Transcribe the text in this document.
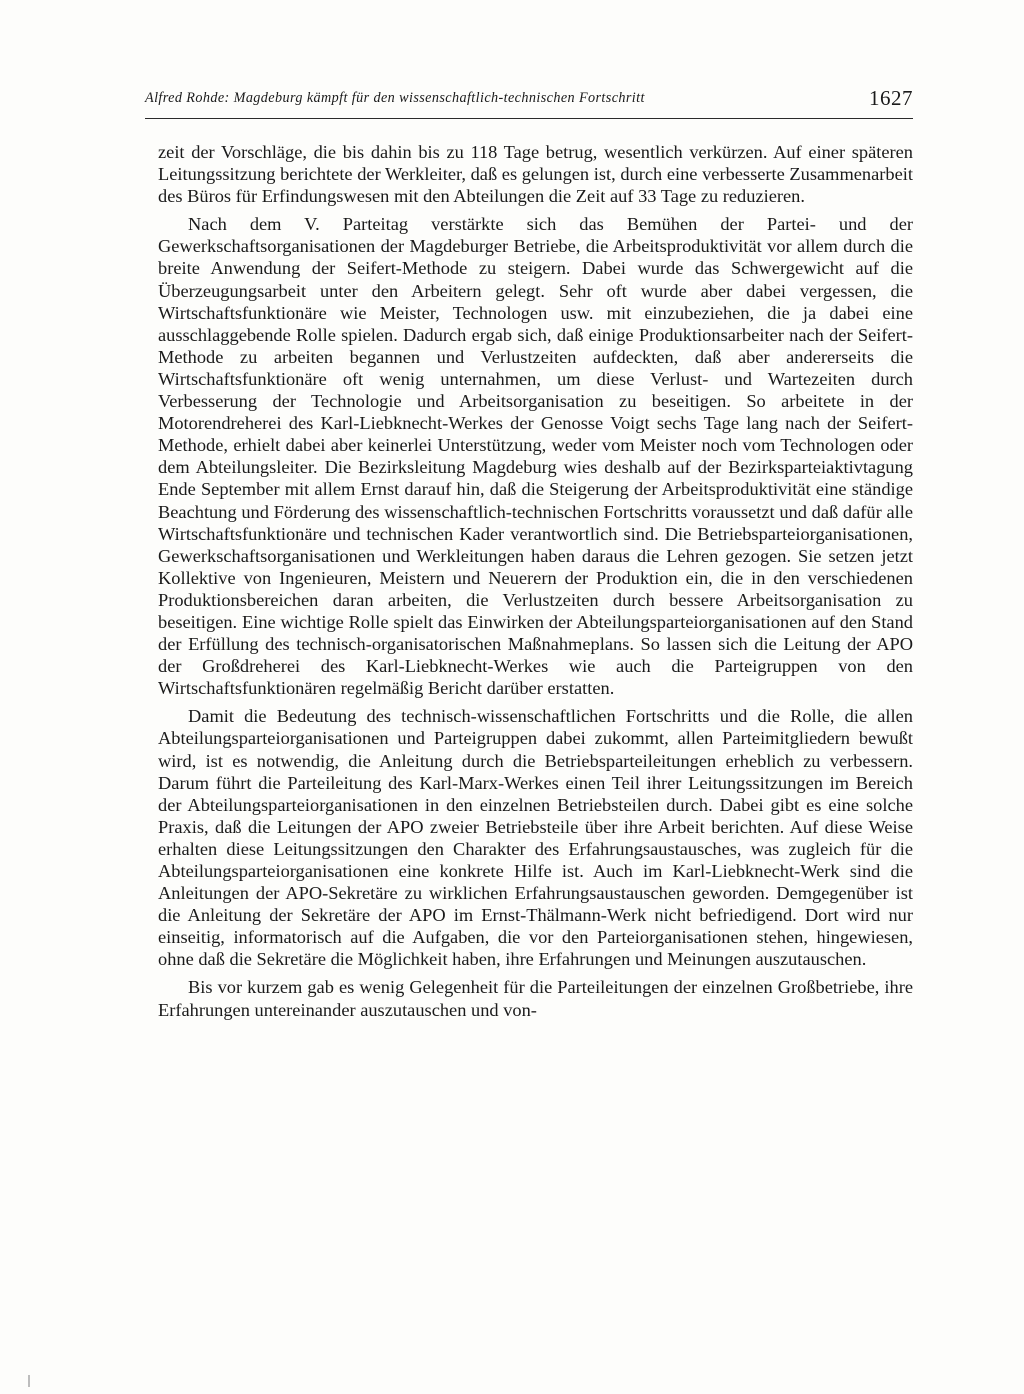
Alfred Rohde: Magdeburg kämpft für den wissenschaftlich-technischen Fortschritt	1627

zeit der Vorschläge, die bis dahin bis zu 118 Tage betrug, wesentlich verkürzen. Auf einer späteren Leitungssitzung berichtete der Werkleiter, daß es gelungen ist, durch eine verbesserte Zusammenarbeit des Büros für Erfindungswesen mit den Abteilungen die Zeit auf 33 Tage zu reduzieren.

Nach dem V. Parteitag verstärkte sich das Bemühen der Partei- und der Gewerkschaftsorganisationen der Magdeburger Betriebe, die Arbeitsproduktivität vor allem durch die breite Anwendung der Seifert-Methode zu steigern. Dabei wurde das Schwergewicht auf die Überzeugungsarbeit unter den Arbeitern gelegt. Sehr oft wurde aber dabei vergessen, die Wirtschaftsfunktionäre wie Meister, Technologen usw. mit einzubeziehen, die ja dabei eine ausschlaggebende Rolle spielen. Dadurch ergab sich, daß einige Produktionsarbeiter nach der Seifert-Methode zu arbeiten begannen und Verlustzeiten aufdeckten, daß aber andererseits die Wirtschaftsfunktionäre oft wenig unternahmen, um diese Verlust- und Wartezeiten durch Verbesserung der Technologie und Arbeitsorganisation zu beseitigen. So arbeitete in der Motorendreherei des Karl-Liebknecht-Werkes der Genosse Voigt sechs Tage lang nach der Seifert-Methode, erhielt dabei aber keinerlei Unterstützung, weder vom Meister noch vom Technologen oder dem Abteilungsleiter. Die Bezirksleitung Magdeburg wies deshalb auf der Bezirksparteiaktivtagung Ende September mit allem Ernst darauf hin, daß die Steigerung der Arbeitsproduktivität eine ständige Beachtung und Förderung des wissenschaftlich-technischen Fortschritts voraussetzt und daß dafür alle Wirtschaftsfunktionäre und technischen Kader verantwortlich sind. Die Betriebsparteiorganisationen, Gewerkschaftsorganisationen und Werkleitungen haben daraus die Lehren gezogen. Sie setzen jetzt Kollektive von Ingenieuren, Meistern und Neuerern der Produktion ein, die in den verschiedenen Produktionsbereichen daran arbeiten, die Verlustzeiten durch bessere Arbeitsorganisation zu beseitigen. Eine wichtige Rolle spielt das Einwirken der Abteilungsparteiorganisationen auf den Stand der Erfüllung des technisch-organisatorischen Maßnahmeplans. So lassen sich die Leitung der APO der Großdreherei des Karl-Liebknecht-Werkes wie auch die Parteigruppen von den Wirtschaftsfunktionären regelmäßig Bericht darüber erstatten.

Damit die Bedeutung des technisch-wissenschaftlichen Fortschritts und die Rolle, die allen Abteilungsparteiorganisationen und Parteigruppen dabei zukommt, allen Parteimitgliedern bewußt wird, ist es notwendig, die Anleitung durch die Betriebsparteileitungen erheblich zu verbessern. Darum führt die Parteileitung des Karl-Marx-Werkes einen Teil ihrer Leitungssitzungen im Bereich der Abteilungsparteiorganisationen in den einzelnen Betriebsteilen durch. Dabei gibt es eine solche Praxis, daß die Leitungen der APO zweier Betriebsteile über ihre Arbeit berichten. Auf diese Weise erhalten diese Leitungssitzungen den Charakter des Erfahrungsaustausches, was zugleich für die Abteilungsparteiorganisationen eine konkrete Hilfe ist. Auch im Karl-Liebknecht-Werk sind die Anleitungen der APO-Sekretäre zu wirklichen Erfahrungsaustauschen geworden. Demgegenüber ist die Anleitung der Sekretäre der APO im Ernst-Thälmann-Werk nicht befriedigend. Dort wird nur einseitig, informatorisch auf die Aufgaben, die vor den Parteiorganisationen stehen, hingewiesen, ohne daß die Sekretäre die Möglichkeit haben, ihre Erfahrungen und Meinungen auszutauschen.

Bis vor kurzem gab es wenig Gelegenheit für die Parteileitungen der einzelnen Großbetriebe, ihre Erfahrungen untereinander auszutauschen und von-
